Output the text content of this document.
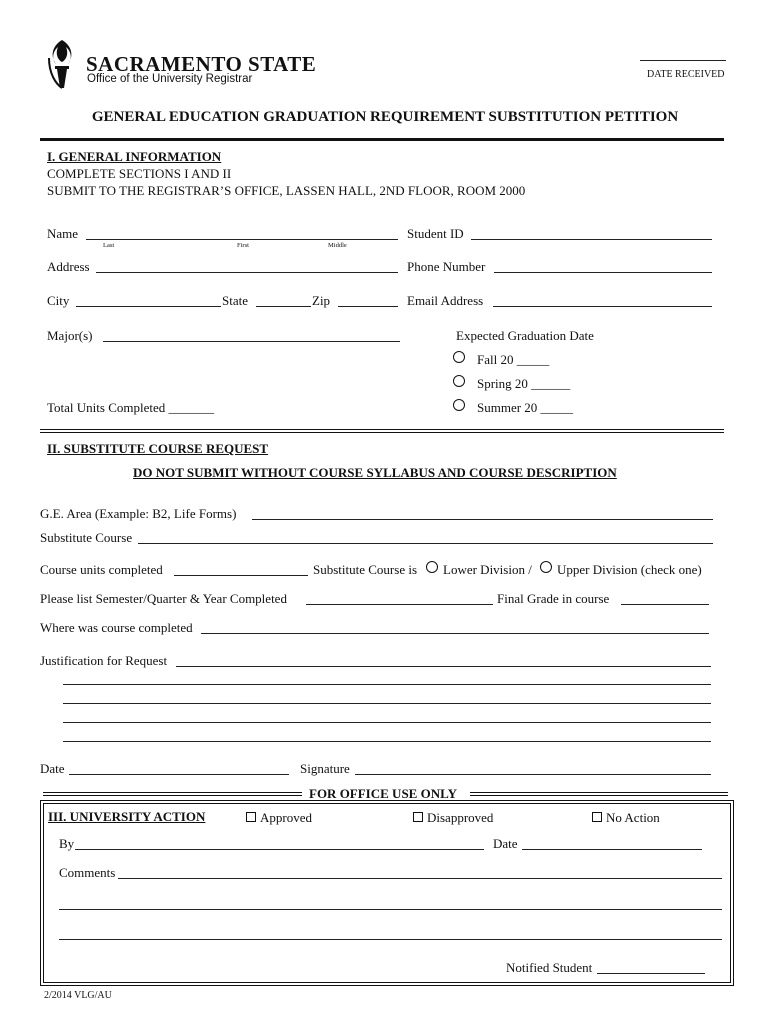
SACRAMENTO STATE
Office of the University Registrar	DATE RECEIVED
GENERAL EDUCATION GRADUATION REQUIREMENT SUBSTITUTION PETITION
I. GENERAL INFORMATION
COMPLETE SECTIONS I AND II
SUBMIT TO THE REGISTRAR’S OFFICE, LASSEN HALL, 2ND FLOOR, ROOM 2000
Name
Last	First	Middle
Student ID
Address	Phone Number
City	State	Zip	Email Address
Major(s)	Expected Graduation Date
Fall 20 _____
Spring 20 ______
Summer 20 _____
Total Units Completed _______
II. SUBSTITUTE COURSE REQUEST
DO NOT SUBMIT WITHOUT COURSE SYLLABUS AND COURSE DESCRIPTION
G.E. Area (Example: B2, Life Forms)
Substitute Course
Course units completed	Substitute Course is Lower Division / Upper Division (check one)
Please list Semester/Quarter & Year Completed	Final Grade in course
Where was course completed
Justification for Request
Date	Signature
FOR OFFICE USE ONLY
III. UNIVERSITY ACTION	Approved	Disapproved	No Action
By	Date
Comments
Notified Student
2/2014 VLG/AU
